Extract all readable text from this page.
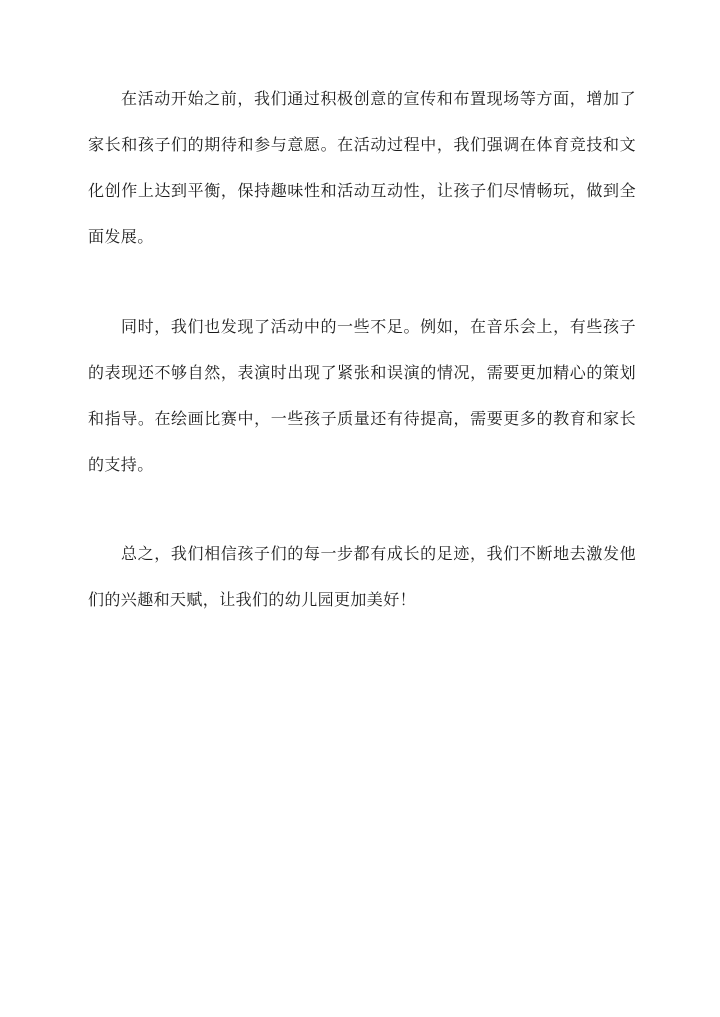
在活动开始之前，我们通过积极创意的宣传和布置现场等方面，增加了家长和孩子们的期待和参与意愿。在活动过程中，我们强调在体育竞技和文化创作上达到平衡，保持趣味性和活动互动性，让孩子们尽情畅玩，做到全面发展。

同时，我们也发现了活动中的一些不足。例如，在音乐会上，有些孩子的表现还不够自然，表演时出现了紧张和误演的情况，需要更加精心的策划和指导。在绘画比赛中，一些孩子质量还有待提高，需要更多的教育和家长的支持。

总之，我们相信孩子们的每一步都有成长的足迹，我们不断地去激发他们的兴趣和天赋，让我们的幼儿园更加美好！
